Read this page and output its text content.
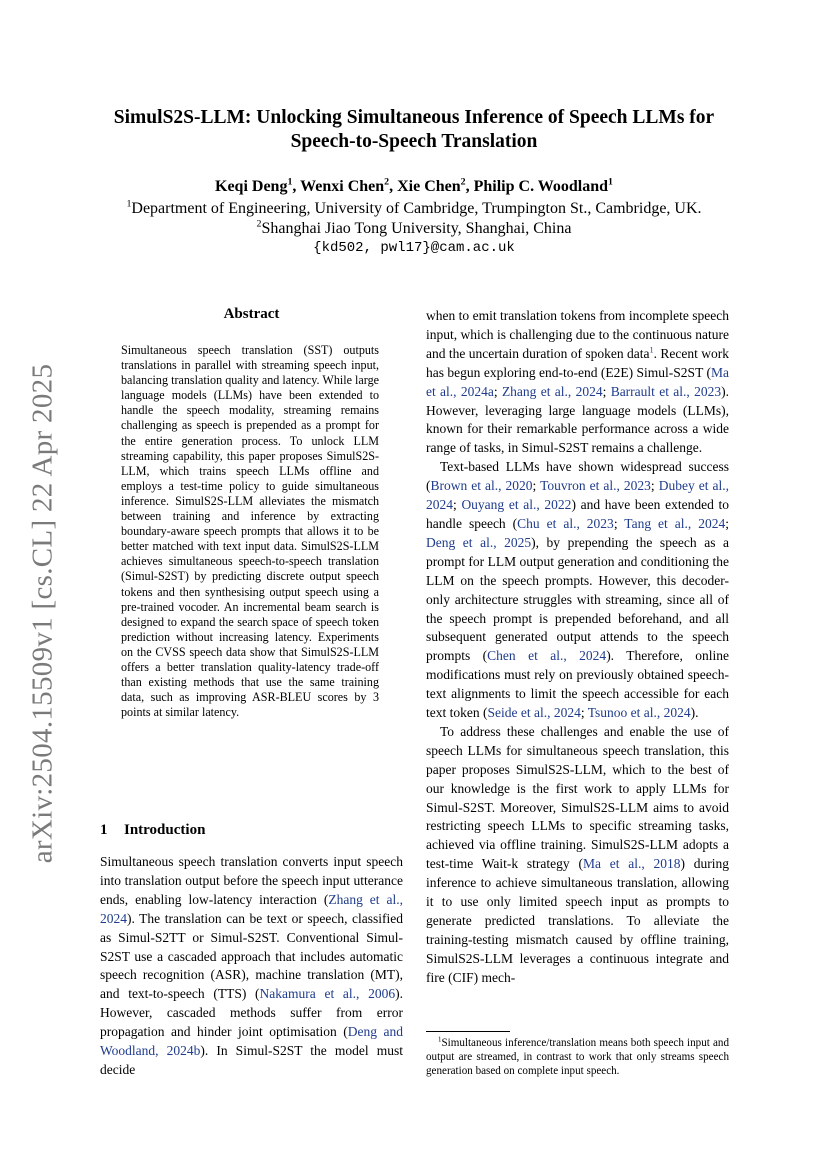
arXiv:2504.15509v1 [cs.CL] 22 Apr 2025
SimulS2S-LLM: Unlocking Simultaneous Inference of Speech LLMs for
Speech-to-Speech Translation
Keqi Deng$^1$, Wenxi Chen$^2$, Xie Chen$^2$, Philip C. Woodland$^1$
$^1$Department of Engineering, University of Cambridge, Trumpington St., Cambridge, UK.
$^2$Shanghai Jiao Tong University, Shanghai, China
{kd502, pwl17}@cam.ac.uk
Abstract

Simultaneous speech translation (SST) outputs translations in parallel with streaming speech input, balancing translation quality and latency. While large language models (LLMs) have been extended to handle the speech modality, streaming remains challenging as speech is prepended as a prompt for the entire generation process. To unlock LLM streaming capability, this paper proposes SimulS2S-LLM, which trains speech LLMs offline and employs a test-time policy to guide simultaneous inference. SimulS2S-LLM alleviates the mismatch between training and inference by extracting boundary-aware speech prompts that allows it to be better matched with text input data. SimulS2S-LLM achieves simultaneous speech-to-speech translation (Simul-S2ST) by predicting discrete output speech tokens and then synthesising output speech using a pre-trained vocoder. An incremental beam search is designed to expand the search space of speech token prediction without increasing latency. Experiments on the CVSS speech data show that SimulS2S-LLM offers a better translation quality-latency trade-off than existing methods that use the same training data, such as improving ASR-BLEU scores by 3 points at similar latency.

1 Introduction

Simultaneous speech translation converts input speech into translation output before the speech input utterance ends, enabling low-latency interaction (Zhang et al., 2024). The translation can be text or speech, classified as Simul-S2TT or Simul-S2ST. Conventional Simul-S2ST use a cascaded approach that includes automatic speech recognition (ASR), machine translation (MT), and text-to-speech (TTS) (Nakamura et al., 2006). However, cascaded methods suffer from error propagation and hinder joint optimisation (Deng and Woodland, 2024b). In Simul-S2ST the model must decide

when to emit translation tokens from incomplete speech input, which is challenging due to the continuous nature and the uncertain duration of spoken data$^1$. Recent work has begun exploring end-to-end (E2E) Simul-S2ST (Ma et al., 2024a; Zhang et al., 2024; Barrault et al., 2023). However, leveraging large language models (LLMs), known for their remarkable performance across a wide range of tasks, in Simul-S2ST remains a challenge.

Text-based LLMs have shown widespread success (Brown et al., 2020; Touvron et al., 2023; Dubey et al., 2024; Ouyang et al., 2022) and have been extended to handle speech (Chu et al., 2023; Tang et al., 2024; Deng et al., 2025), by prepending the speech as a prompt for LLM output generation and conditioning the LLM on the speech prompts. However, this decoder-only architecture struggles with streaming, since all of the speech prompt is prepended beforehand, and all subsequent generated output attends to the speech prompts (Chen et al., 2024). Therefore, online modifications must rely on previously obtained speech-text alignments to limit the speech accessible for each text token (Seide et al., 2024; Tsunoo et al., 2024).

To address these challenges and enable the use of speech LLMs for simultaneous speech translation, this paper proposes SimulS2S-LLM, which to the best of our knowledge is the first work to apply LLMs for Simul-S2ST. Moreover, SimulS2S-LLM aims to avoid restricting speech LLMs to specific streaming tasks, achieved via offline training. SimulS2S-LLM adopts a test-time Wait-k strategy (Ma et al., 2018) during inference to achieve simultaneous translation, allowing it to use only limited speech input as prompts to generate predicted translations. To alleviate the training-testing mismatch caused by offline training, SimulS2S-LLM leverages a continuous integrate and fire (CIF) mech-

$^1$Simultaneous inference/translation means both speech input and output are streamed, in contrast to work that only streams speech generation based on complete input speech.
